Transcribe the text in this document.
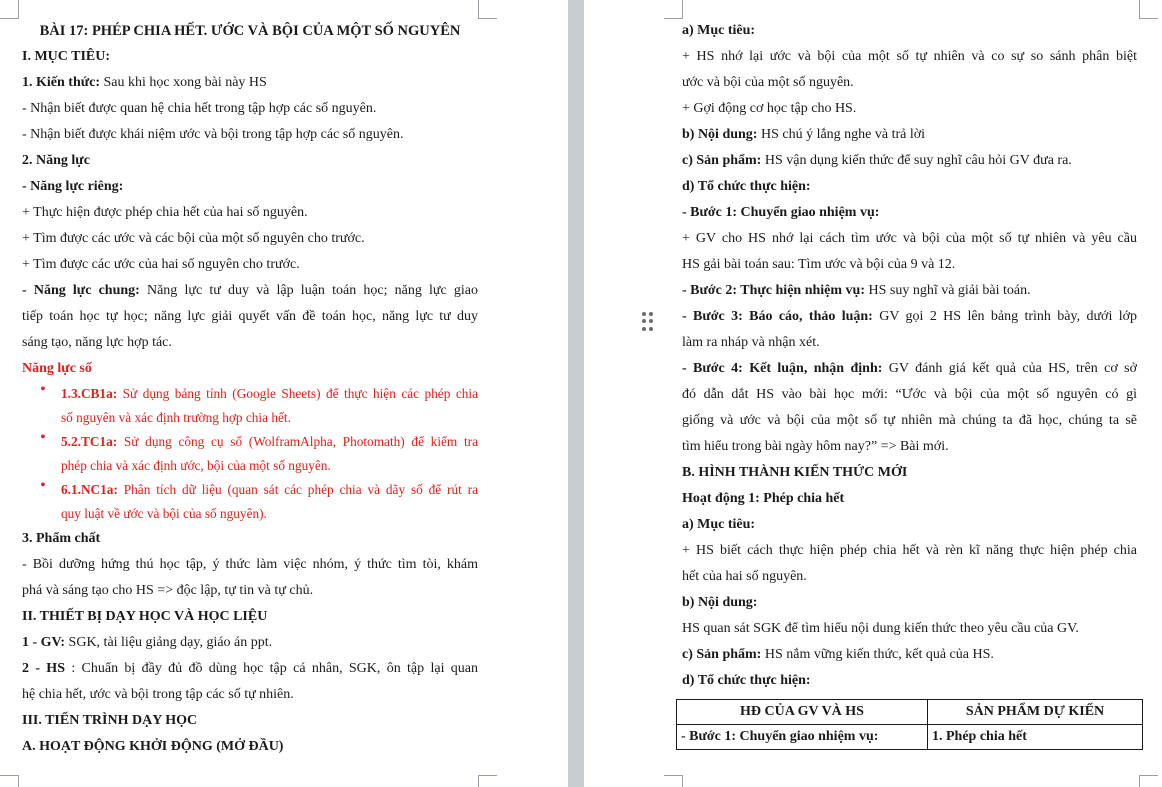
BÀI 17: PHÉP CHIA HẾT. ƯỚC VÀ BỘI CỦA MỘT SỐ NGUYÊN
I. MỤC TIÊU:
1. Kiến thức: Sau khi học xong bài này HS
- Nhận biết được quan hệ chia hết trong tập hợp các số nguyên.
- Nhận biết được khái niệm ước và bội trong tập hợp các số nguyên.
2. Năng lực
- Năng lực riêng:
+ Thực hiện được phép chia hết của hai số nguyên.
+ Tìm được các ước và các bội của một số nguyên cho trước.
+ Tìm được các ước của hai số nguyên cho trước.
- Năng lực chung: Năng lực tư duy và lập luận toán học; năng lực giao
tiếp toán học tự học; năng lực giải quyết vấn đề toán học, năng lực tư duy
sáng tạo, năng lực hợp tác.
Năng lực số
• 1.3.CB1a: Sử dụng bảng tính (Google Sheets) để thực hiện các phép chia
số nguyên và xác định trường hợp chia hết.
• 5.2.TC1a: Sử dụng công cụ số (WolframAlpha, Photomath) để kiểm tra
phép chia và xác định ước, bội của một số nguyên.
• 6.1.NC1a: Phân tích dữ liệu (quan sát các phép chia và dãy số để rút ra
quy luật về ước và bội của số nguyên).
3. Phẩm chất
- Bồi dưỡng hứng thú học tập, ý thức làm việc nhóm, ý thức tìm tòi, khám
phá và sáng tạo cho HS => độc lập, tự tin và tự chủ.
II. THIẾT BỊ DẠY HỌC VÀ HỌC LIỆU
1 - GV: SGK, tài liệu giảng dạy, giáo án ppt.
2 - HS : Chuẩn bị đầy đủ đồ dùng học tập cá nhân, SGK, ôn tập lại quan
hệ chia hết, ước và bội trong tập các số tự nhiên.
III. TIẾN TRÌNH DẠY HỌC
A. HOẠT ĐỘNG KHỞI ĐỘNG (MỞ ĐẦU)
a) Mục tiêu:
+ HS nhớ lại ước và bội của một số tự nhiên và co sự so sánh phân biệt
ước và bội của một số nguyên.
+ Gợi động cơ học tập cho HS.
b) Nội dung: HS chú ý lắng nghe và trả lời
c) Sản phẩm: HS vận dụng kiến thức để suy nghĩ câu hỏi GV đưa ra.
d) Tổ chức thực hiện:
- Bước 1: Chuyển giao nhiệm vụ:
+ GV cho HS nhớ lại cách tìm ước và bội của một số tự nhiên và yêu cầu
HS gải bài toán sau: Tìm ước và bội của 9 và 12.
- Bước 2: Thực hiện nhiệm vụ: HS suy nghĩ và giải bài toán.
- Bước 3: Báo cáo, thảo luận: GV gọi 2 HS lên bảng trình bày, dưới lớp
làm ra nháp và nhận xét.
- Bước 4: Kết luận, nhận định: GV đánh giá kết quả của HS, trên cơ sở
đó dẫn dắt HS vào bài học mới: “Ước và bội của một số nguyên có gì
giống và ước và bội của một số tự nhiên mà chúng ta đã học, chúng ta sẽ
tìm hiểu trong bài ngày hôm nay?” => Bài mới.
B. HÌNH THÀNH KIẾN THỨC MỚI
Hoạt động 1: Phép chia hết
a) Mục tiêu:
+ HS biết cách thực hiện phép chia hết và rèn kĩ năng thực hiện phép chia
hết của hai số nguyên.
b) Nội dung:
HS quan sát SGK để tìm hiểu nội dung kiến thức theo yêu cầu của GV.
c) Sản phẩm: HS nắm vững kiến thức, kết quả của HS.
d) Tổ chức thực hiện:
HĐ CỦA GV VÀ HS	SẢN PHẨM DỰ KIẾN
- Bước 1: Chuyển giao nhiệm vụ:	1. Phép chia hết
